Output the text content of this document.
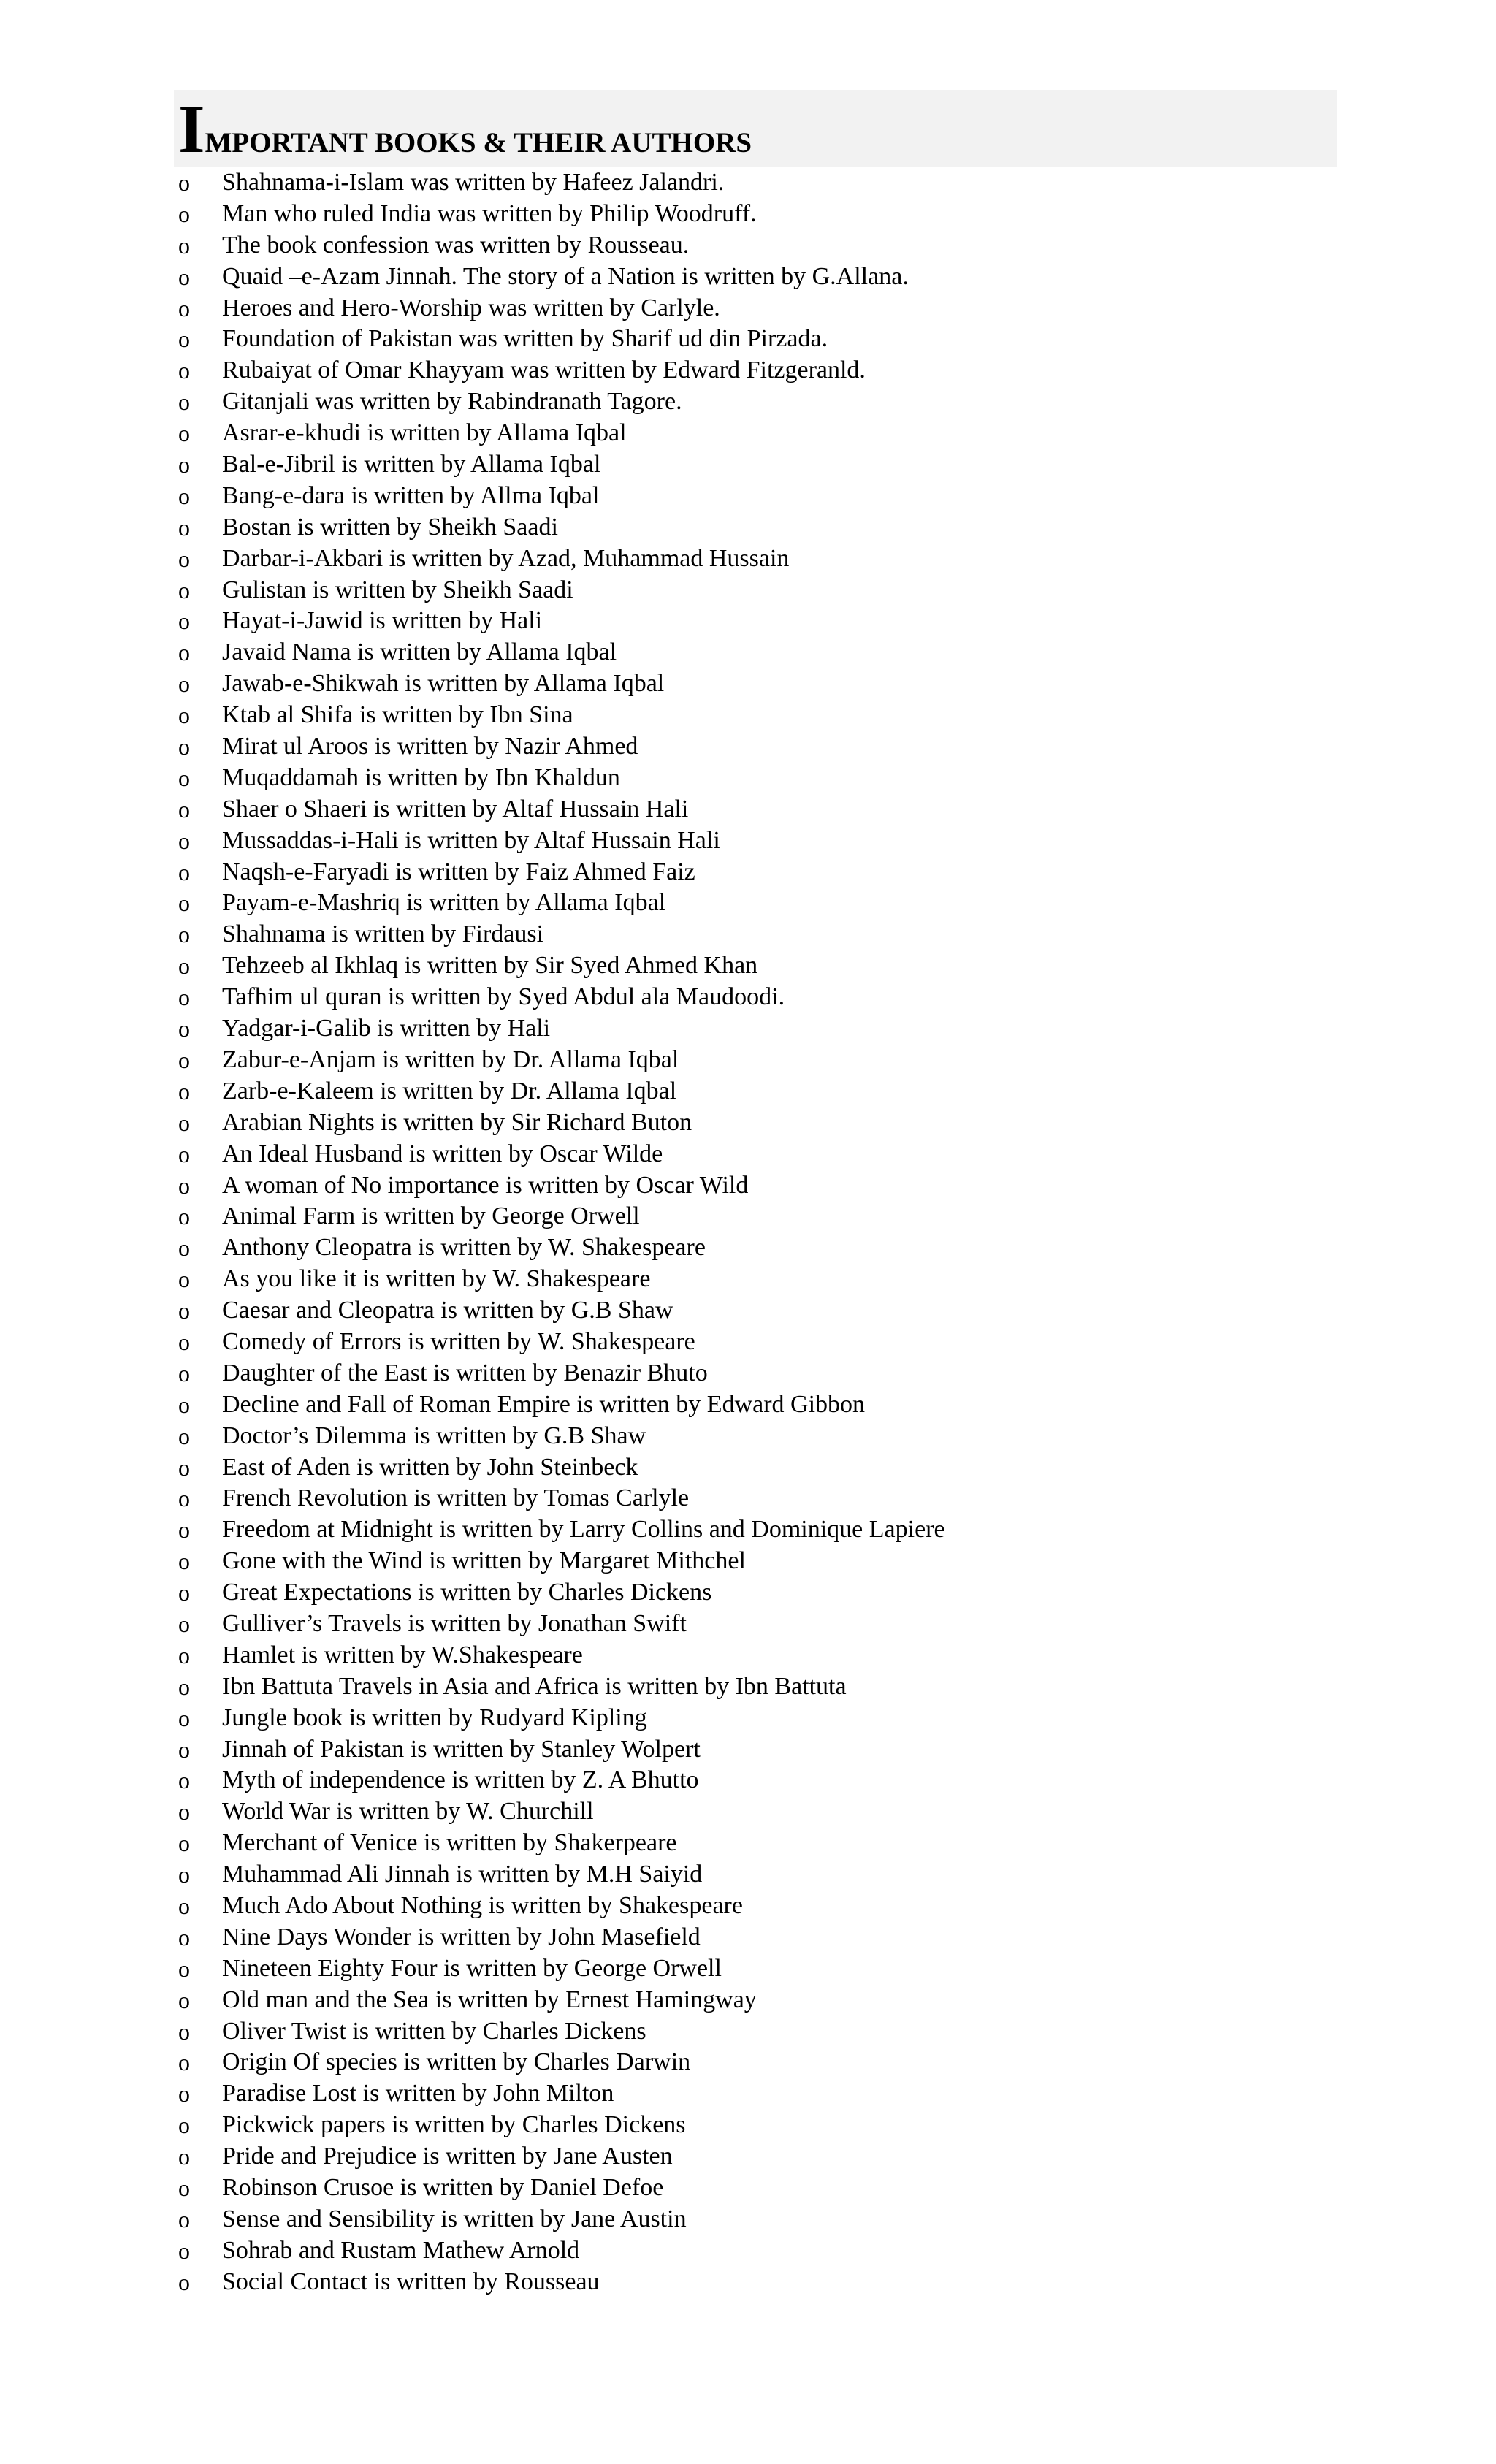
IMPORTANT BOOKS & THEIR AUTHORS
o Shahnama-i-Islam was written by Hafeez Jalandri.
o Man who ruled India was written by Philip Woodruff.
o The book confession was written by Rousseau.
o Quaid –e-Azam Jinnah. The story of a Nation is written by G.Allana.
o Heroes and Hero-Worship was written by Carlyle.
o Foundation of Pakistan was written by Sharif ud din Pirzada.
o Rubaiyat of Omar Khayyam was written by Edward Fitzgeranld.
o Gitanjali was written by Rabindranath Tagore.
o Asrar-e-khudi is written by Allama Iqbal
o Bal-e-Jibril is written by Allama Iqbal
o Bang-e-dara is written by Allma Iqbal
o Bostan is written by Sheikh Saadi
o Darbar-i-Akbari is written by Azad, Muhammad Hussain
o Gulistan is written by Sheikh Saadi
o Hayat-i-Jawid is written by Hali
o Javaid Nama is written by Allama Iqbal
o Jawab-e-Shikwah is written by Allama Iqbal
o Ktab al Shifa is written by Ibn Sina
o Mirat ul Aroos is written by Nazir Ahmed
o Muqaddamah is written by Ibn Khaldun
o Shaer o Shaeri is written by Altaf Hussain Hali
o Mussaddas-i-Hali is written by Altaf Hussain Hali
o Naqsh-e-Faryadi is written by Faiz Ahmed Faiz
o Payam-e-Mashriq is written by Allama Iqbal
o Shahnama is written by Firdausi
o Tehzeeb al Ikhlaq is written by Sir Syed Ahmed Khan
o Tafhim ul quran is written by Syed Abdul ala Maudoodi.
o Yadgar-i-Galib is written by Hali
o Zabur-e-Anjam is written by Dr. Allama Iqbal
o Zarb-e-Kaleem is written by Dr. Allama Iqbal
o Arabian Nights is written by Sir Richard Buton
o An Ideal Husband is written by Oscar Wilde
o A woman of No importance is written by Oscar Wild
o Animal Farm is written by George Orwell
o Anthony Cleopatra is written by W. Shakespeare
o As you like it is written by W. Shakespeare
o Caesar and Cleopatra is written by G.B Shaw
o Comedy of Errors is written by W. Shakespeare
o Daughter of the East is written by Benazir Bhuto
o Decline and Fall of Roman Empire is written by Edward Gibbon
o Doctor’s Dilemma is written by G.B Shaw
o East of Aden is written by John Steinbeck
o French Revolution is written by Tomas Carlyle
o Freedom at Midnight is written by Larry Collins and Dominique Lapiere
o Gone with the Wind is written by Margaret Mithchel
o Great Expectations is written by Charles Dickens
o Gulliver’s Travels is written by Jonathan Swift
o Hamlet is written by W.Shakespeare
o Ibn Battuta Travels in Asia and Africa is written by Ibn Battuta
o Jungle book is written by Rudyard Kipling
o Jinnah of Pakistan is written by Stanley Wolpert
o Myth of independence is written by Z. A Bhutto
o World War is written by W. Churchill
o Merchant of Venice is written by Shakerpeare
o Muhammad Ali Jinnah is written by M.H Saiyid
o Much Ado About Nothing is written by Shakespeare
o Nine Days Wonder is written by John Masefield
o Nineteen Eighty Four is written by George Orwell
o Old man and the Sea is written by Ernest Hamingway
o Oliver Twist is written by Charles Dickens
o Origin Of species is written by Charles Darwin
o Paradise Lost is written by John Milton
o Pickwick papers is written by Charles Dickens
o Pride and Prejudice is written by Jane Austen
o Robinson Crusoe is written by Daniel Defoe
o Sense and Sensibility is written by Jane Austin
o Sohrab and Rustam Mathew Arnold
o Social Contact is written by Rousseau
